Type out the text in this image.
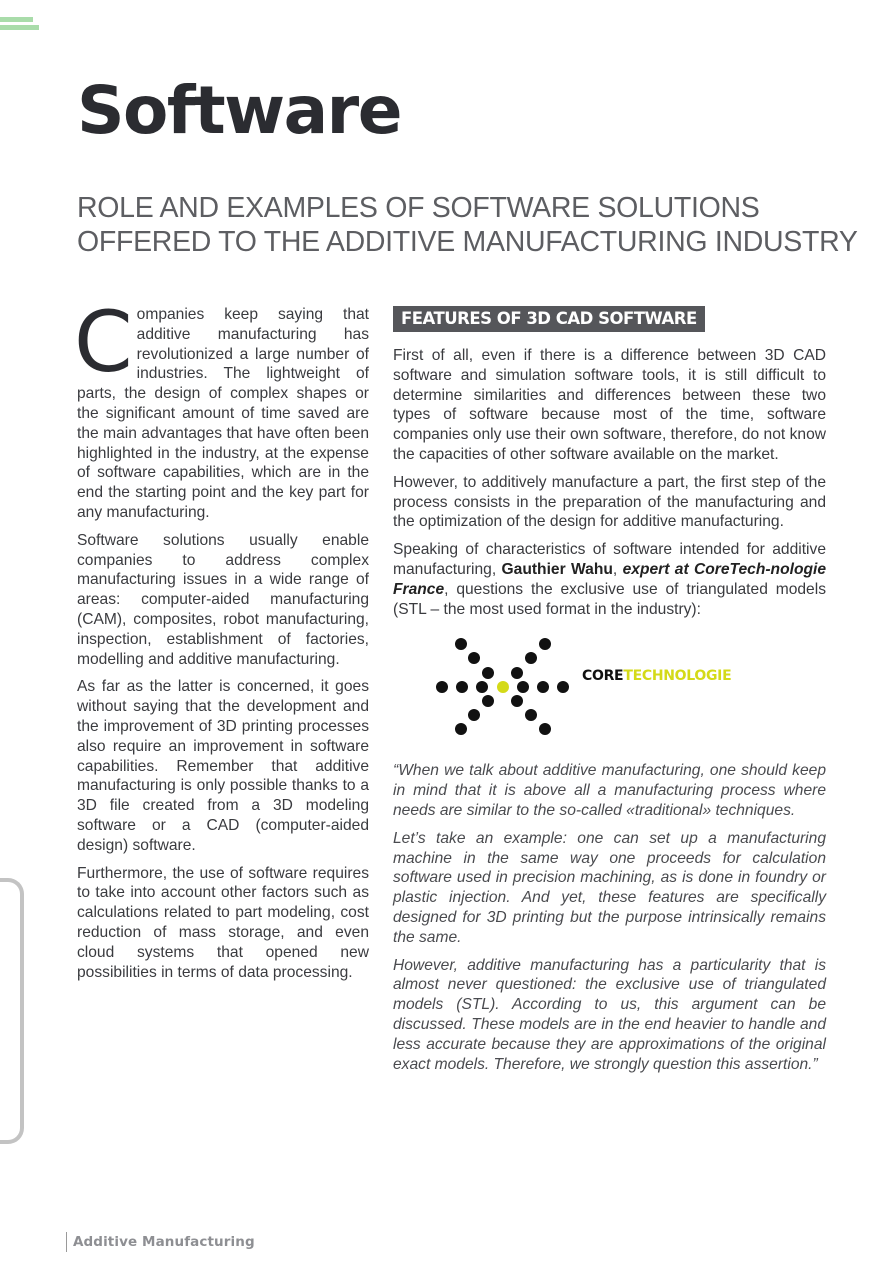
Software
ROLE AND EXAMPLES OF SOFTWARE SOLUTIONS
OFFERED TO THE ADDITIVE MANUFACTURING INDUSTRY

Companies keep saying that additive manufacturing has revolutionized a large number of industries. The lightweight of parts, the design of complex shapes or the significant amount of time saved are the main advantages that have often been highlighted in the industry, at the expense of software capabilities, which are in the end the starting point and the key part for any manufacturing.

Software solutions usually enable companies to address complex manufacturing issues in a wide range of areas: computer-aided manufacturing (CAM), composites, robot manufacturing, inspection, establishment of factories, modelling and additive manufacturing.

As far as the latter is concerned, it goes without saying that the development and the improvement of 3D printing processes also require an improvement in software capabilities. Remember that additive manufacturing is only possible thanks to a 3D file created from a 3D modeling software or a CAD (computer-aided design) software.

Furthermore, the use of software requires to take into account other factors such as calculations related to part modeling, cost reduction of mass storage, and even cloud systems that opened new possibilities in terms of data processing.

FEATURES OF 3D CAD SOFTWARE

First of all, even if there is a difference between 3D CAD software and simulation software tools, it is still difficult to determine similarities and differences between these two types of software because most of the time, software companies only use their own software, therefore, do not know the capacities of other software available on the market.

However, to additively manufacture a part, the first step of the process consists in the preparation of the manufacturing and the optimization of the design for additive manufacturing.

Speaking of characteristics of software intended for additive manufacturing, Gauthier Wahu, expert at CoreTech-nologie France, questions the exclusive use of triangulated models (STL – the most used format in the industry):

CORETECHNOLOGIE

“When we talk about additive manufacturing, one should keep in mind that it is above all a manufacturing process where needs are similar to the so-called «traditional» techniques.

Let’s take an example: one can set up a manufacturing machine in the same way one proceeds for calculation software used in precision machining, as is done in foundry or plastic injection. And yet, these features are specifically designed for 3D printing but the purpose intrinsically remains the same.

However, additive manufacturing has a particularity that is almost never questioned: the exclusive use of triangulated models (STL). According to us, this argument can be discussed. These models are in the end heavier to handle and less accurate because they are approximations of the original exact models. Therefore, we strongly question this assertion.”

Additive Manufacturing
